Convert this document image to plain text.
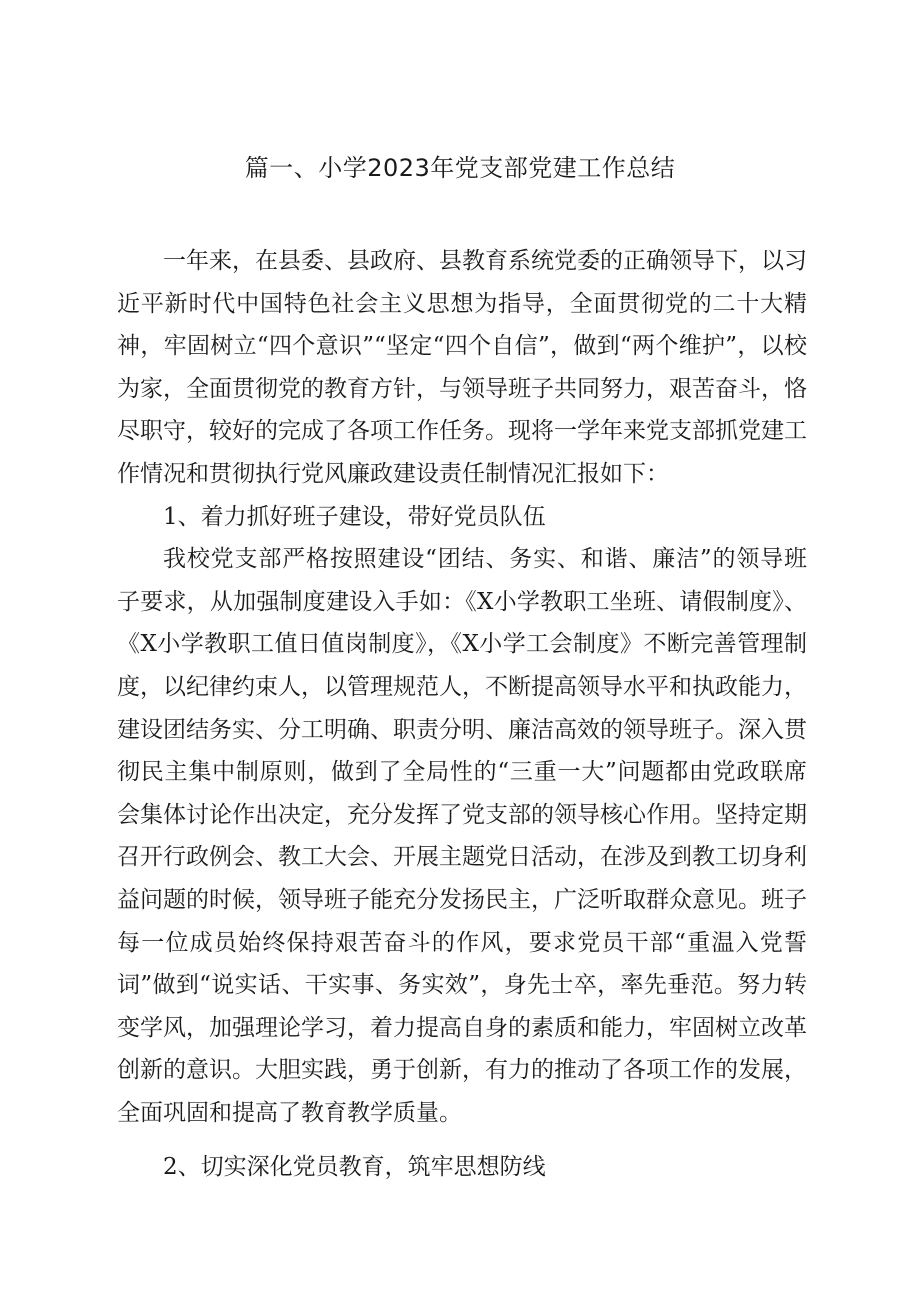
篇一、小学2023年党支部党建工作总结

一年来，在县委、县政府、县教育系统党委的正确领导下，以习近平新时代中国特色社会主义思想为指导，全面贯彻党的二十大精神，牢固树立“四个意识”“坚定“四个自信”，做到“两个维护”，以校为家，全面贯彻党的教育方针，与领导班子共同努力，艰苦奋斗，恪尽职守，较好的完成了各项工作任务。现将一学年来党支部抓党建工作情况和贯彻执行党风廉政建设责任制情况汇报如下：

1、着力抓好班子建设，带好党员队伍

我校党支部严格按照建设“团结、务实、和谐、廉洁”的领导班子要求，从加强制度建设入手如：《X小学教职工坐班、请假制度》、《X小学教职工值日值岗制度》，《X小学工会制度》不断完善管理制度，以纪律约束人，以管理规范人，不断提高领导水平和执政能力，建设团结务实、分工明确、职责分明、廉洁高效的领导班子。深入贯彻民主集中制原则，做到了全局性的“三重一大”问题都由党政联席会集体讨论作出决定，充分发挥了党支部的领导核心作用。坚持定期召开行政例会、教工大会、开展主题党日活动，在涉及到教工切身利益问题的时候，领导班子能充分发扬民主，广泛听取群众意见。班子每一位成员始终保持艰苦奋斗的作风，要求党员干部“重温入党誓词”做到“说实话、干实事、务实效”，身先士卒，率先垂范。努力转变学风，加强理论学习，着力提高自身的素质和能力，牢固树立改革创新的意识。大胆实践，勇于创新，有力的推动了各项工作的发展，全面巩固和提高了教育教学质量。

2、切实深化党员教育，筑牢思想防线
